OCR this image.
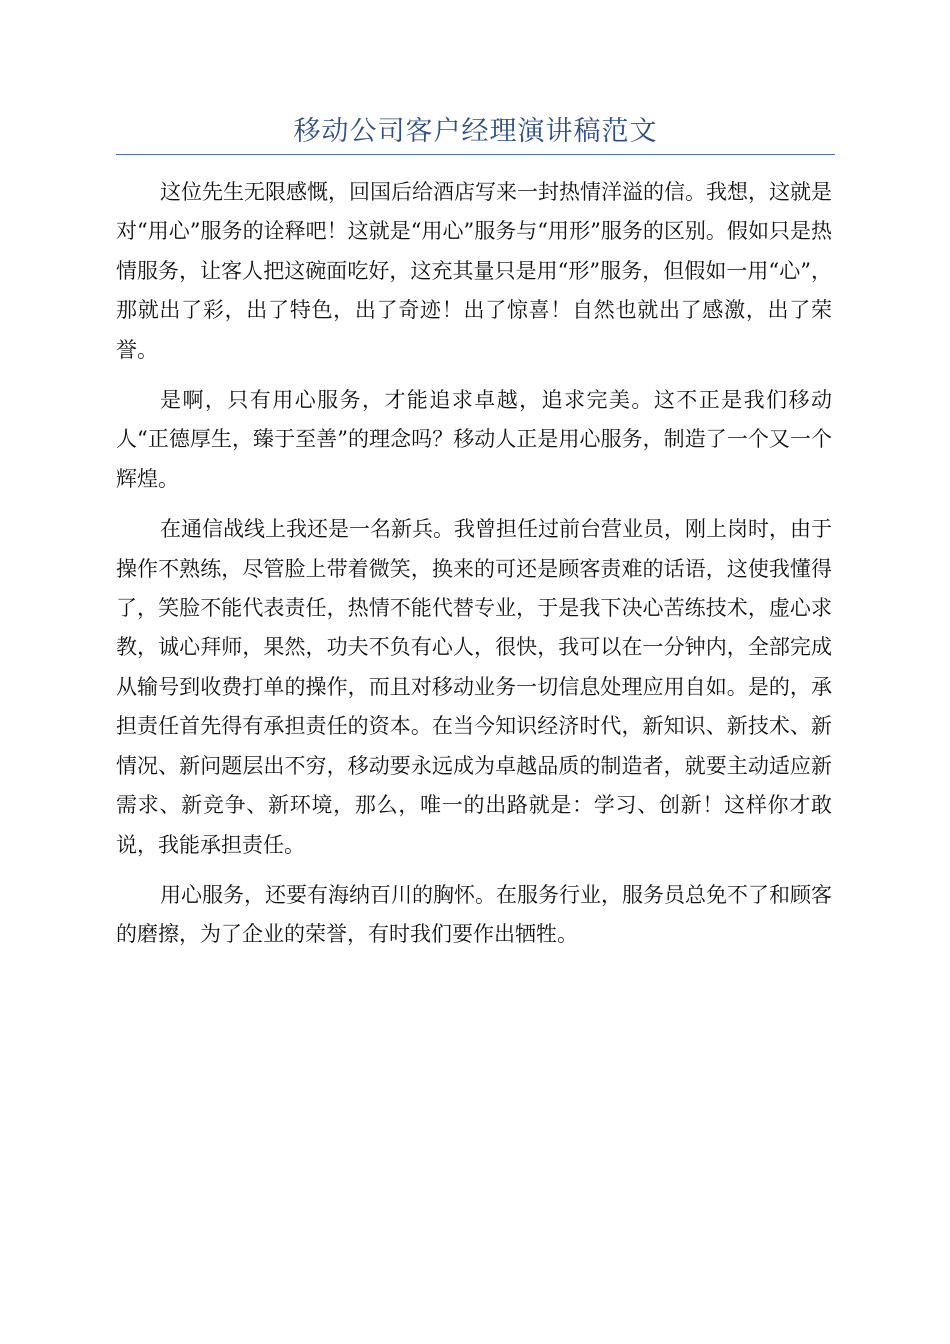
移动公司客户经理演讲稿范文

这位先生无限感慨，回国后给酒店写来一封热情洋溢的信。我想，这就是对“用心”服务的诠释吧！这就是“用心”服务与“用形”服务的区别。假如只是热情服务，让客人把这碗面吃好，这充其量只是用“形”服务，但假如一用“心”，那就出了彩，出了特色，出了奇迹！出了惊喜！自然也就出了感激，出了荣誉。

是啊，只有用心服务，才能追求卓越，追求完美。这不正是我们移动人“正德厚生，臻于至善”的理念吗？移动人正是用心服务，制造了一个又一个辉煌。

在通信战线上我还是一名新兵。我曾担任过前台营业员，刚上岗时，由于操作不熟练，尽管脸上带着微笑，换来的可还是顾客责难的话语，这使我懂得了，笑脸不能代表责任，热情不能代替专业，于是我下决心苦练技术，虚心求教，诚心拜师，果然，功夫不负有心人，很快，我可以在一分钟内，全部完成从输号到收费打单的操作，而且对移动业务一切信息处理应用自如。是的，承担责任首先得有承担责任的资本。在当今知识经济时代，新知识、新技术、新情况、新问题层出不穷，移动要永远成为卓越品质的制造者，就要主动适应新需求、新竞争、新环境，那么，唯一的出路就是：学习、创新！这样你才敢说，我能承担责任。

用心服务，还要有海纳百川的胸怀。在服务行业，服务员总免不了和顾客的磨擦，为了企业的荣誉，有时我们要作出牺牲。
